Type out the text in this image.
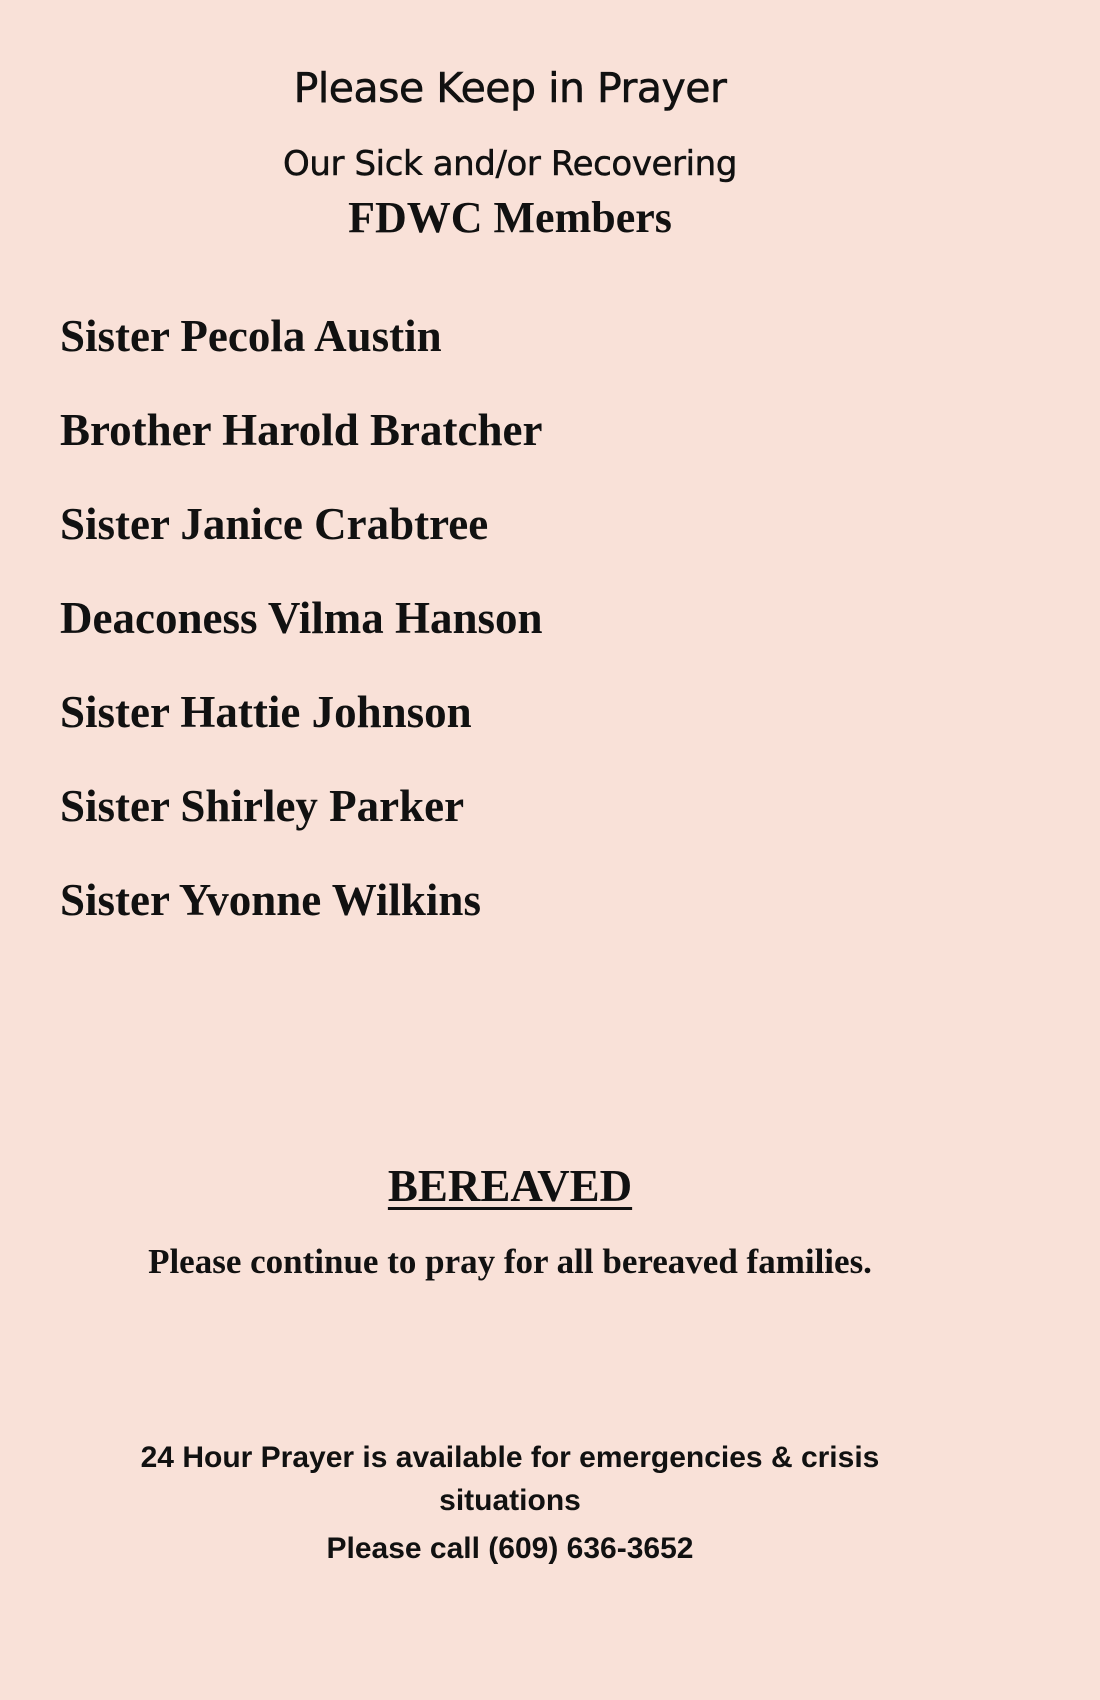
Please Keep in Prayer
Our Sick and/or Recovering
FDWC Members
Sister Pecola Austin
Brother Harold Bratcher
Sister Janice Crabtree
Deaconess Vilma Hanson
Sister Hattie Johnson
Sister Shirley Parker
Sister Yvonne Wilkins
BEREAVED
Please continue to pray for all bereaved families.
24 Hour Prayer is available for emergencies & crisis
situations
Please call (609) 636-3652
